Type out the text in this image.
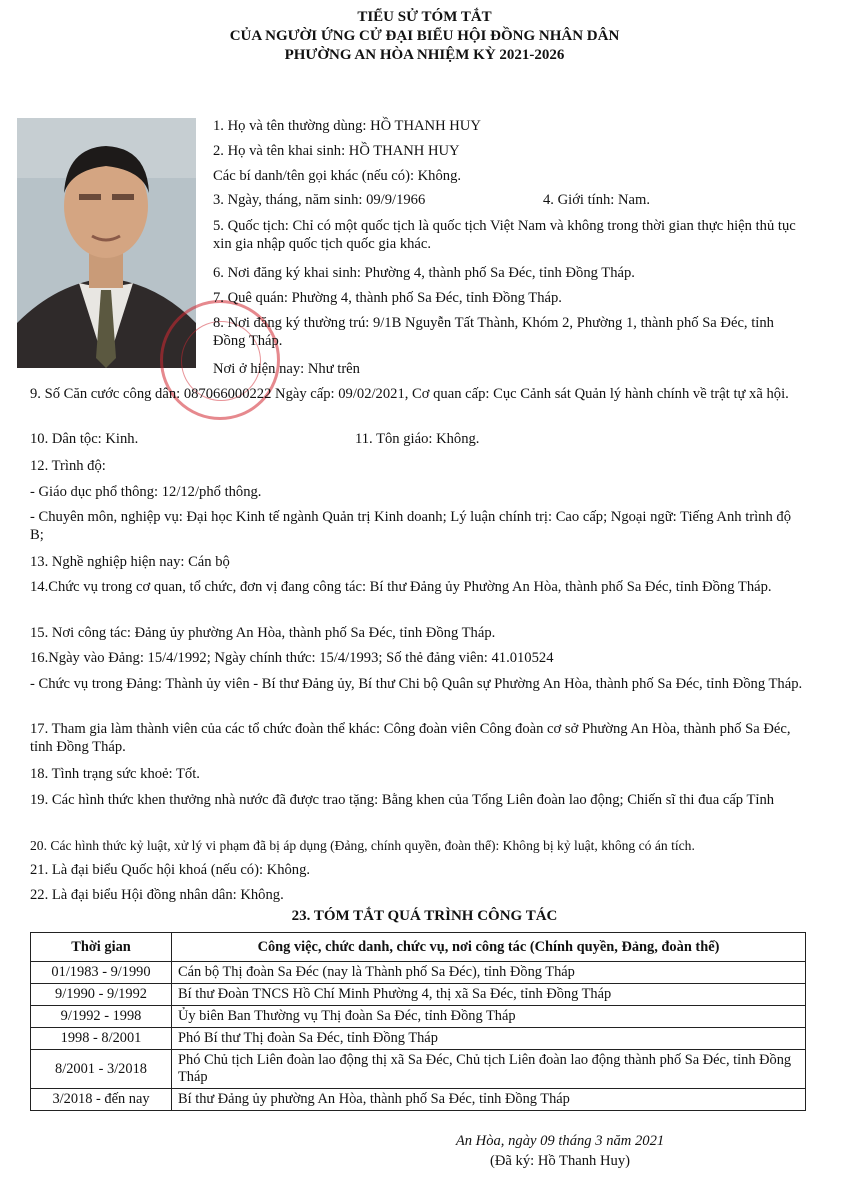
TIỂU SỬ TÓM TẮT
CỦA NGƯỜI ỨNG CỬ ĐẠI BIỂU HỘI ĐỒNG NHÂN DÂN
PHƯỜNG AN HÒA NHIỆM KỲ 2021-2026
1. Họ và tên thường dùng: HỒ THANH HUY
2. Họ và tên khai sinh: HỒ THANH HUY
Các bí danh/tên gọi khác (nếu có): Không.
3. Ngày, tháng, năm sinh: 09/9/1966	4. Giới tính: Nam.
5. Quốc tịch: Chỉ có một quốc tịch là quốc tịch Việt Nam và không trong thời gian thực hiện thủ tục xin gia nhập quốc tịch quốc gia khác.
6. Nơi đăng ký khai sinh: Phường 4, thành phố Sa Đéc, tỉnh Đồng Tháp.
7. Quê quán: Phường 4, thành phố Sa Đéc, tỉnh Đồng Tháp.
8. Nơi đăng ký thường trú: 9/1B Nguyễn Tất Thành, Khóm 2, Phường 1, thành phố Sa Đéc, tỉnh Đồng Tháp.
Nơi ở hiện nay: Như trên
9. Số Căn cước công dân: 087066000222 Ngày cấp: 09/02/2021, Cơ quan cấp: Cục Cảnh sát Quản lý hành chính về trật tự xã hội.
10. Dân tộc: Kinh.	11. Tôn giáo: Không.
12. Trình độ:
- Giáo dục phổ thông: 12/12/phổ thông.
- Chuyên môn, nghiệp vụ: Đại học Kinh tế ngành Quản trị Kinh doanh; Lý luận chính trị: Cao cấp; Ngoại ngữ: Tiếng Anh trình độ B;
13. Nghề nghiệp hiện nay: Cán bộ
14.Chức vụ trong cơ quan, tổ chức, đơn vị đang công tác: Bí thư Đảng ủy Phường An Hòa, thành phố Sa Đéc, tỉnh Đồng Tháp.
15. Nơi công tác: Đảng ủy phường An Hòa, thành phố Sa Đéc, tỉnh Đồng Tháp.
16.Ngày vào Đảng: 15/4/1992; Ngày chính thức: 15/4/1993; Số thẻ đảng viên: 41.010524
- Chức vụ trong Đảng: Thành ủy viên - Bí thư Đảng ủy, Bí thư Chi bộ Quân sự Phường An Hòa, thành phố Sa Đéc, tỉnh Đồng Tháp.
17. Tham gia làm thành viên của các tổ chức đoàn thể khác: Công đoàn viên Công đoàn cơ sở Phường An Hòa, thành phố Sa Đéc, tỉnh Đồng Tháp.
18. Tình trạng sức khoẻ: Tốt.
19. Các hình thức khen thưởng nhà nước đã được trao tặng: Bằng khen của Tổng Liên đoàn lao động; Chiến sĩ thi đua cấp Tỉnh
20. Các hình thức kỷ luật, xử lý vi phạm đã bị áp dụng (Đảng, chính quyền, đoàn thể): Không bị kỷ luật, không có án tích.
21. Là đại biểu Quốc hội khoá (nếu có): Không.
22. Là đại biểu Hội đồng nhân dân: Không.
23. TÓM TẮT QUÁ TRÌNH CÔNG TÁC
Thời gian	Công việc, chức danh, chức vụ, nơi công tác (Chính quyền, Đảng, đoàn thể)
01/1983 - 9/1990	Cán bộ Thị đoàn Sa Đéc (nay là Thành phố Sa Đéc), tỉnh Đồng Tháp
9/1990 - 9/1992	Bí thư Đoàn TNCS Hồ Chí Minh Phường 4, thị xã Sa Đéc, tỉnh Đồng Tháp
9/1992 - 1998	Ủy biên Ban Thường vụ Thị đoàn Sa Đéc, tỉnh Đồng Tháp
1998 - 8/2001	Phó Bí thư Thị đoàn Sa Đéc, tỉnh Đồng Tháp
8/2001 - 3/2018	Phó Chủ tịch Liên đoàn lao động thị xã Sa Đéc, Chủ tịch Liên đoàn lao động thành phố Sa Đéc, tỉnh Đồng Tháp
3/2018 - đến nay	Bí thư Đảng ủy phường An Hòa, thành phố Sa Đéc, tỉnh Đồng Tháp
An Hòa, ngày 09 tháng 3 năm 2021
(Đã ký: Hồ Thanh Huy)
